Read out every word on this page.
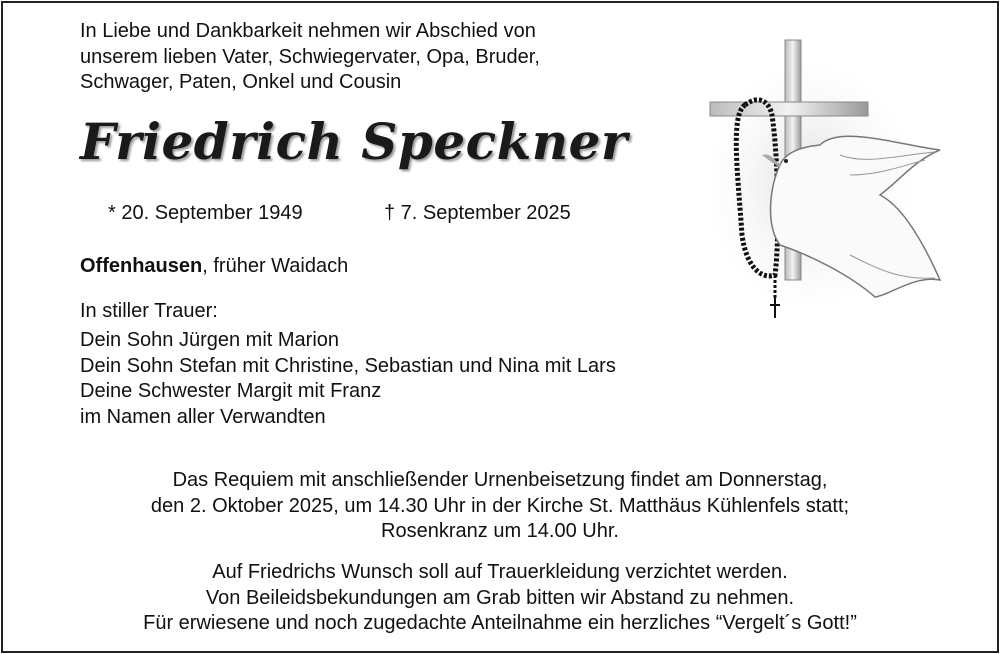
In Liebe und Dankbarkeit nehmen wir Abschied von
unserem lieben Vater, Schwiegervater, Opa, Bruder,
Schwager, Paten, Onkel und Cousin
Friedrich Speckner
* 20. September 1949	† 7. September 2025
Offenhausen, früher Waidach
In stiller Trauer:
Dein Sohn Jürgen mit Marion
Dein Sohn Stefan mit Christine, Sebastian und Nina mit Lars
Deine Schwester Margit mit Franz
im Namen aller Verwandten
Das Requiem mit anschließender Urnenbeisetzung findet am Donnerstag,
den 2. Oktober 2025, um 14.30 Uhr in der Kirche St. Matthäus Kühlenfels statt;
Rosenkranz um 14.00 Uhr.
Auf Friedrichs Wunsch soll auf Trauerkleidung verzichtet werden.
Von Beileidsbekundungen am Grab bitten wir Abstand zu nehmen.
Für erwiesene und noch zugedachte Anteilnahme ein herzliches “Vergelt´s Gott!”
